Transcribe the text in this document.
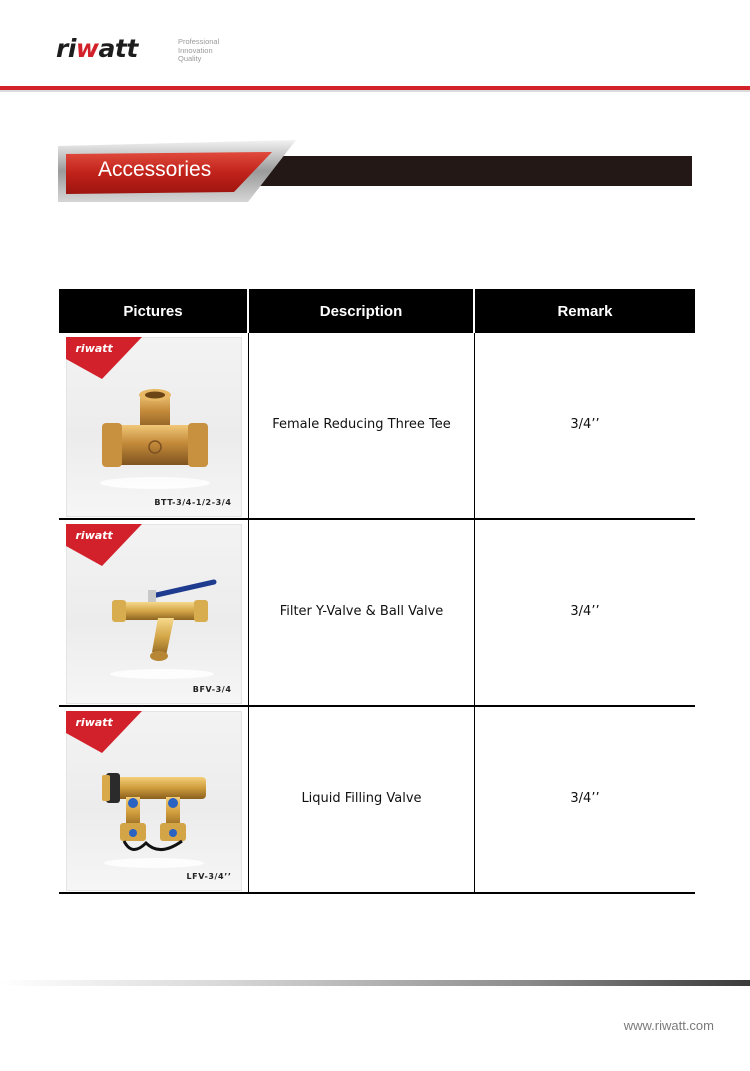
riwatt	Professional
Innovation
Quality
Accessories
Pictures	Description	Remark
riwatt
BTT-3/4-1/2-3/4
Female Reducing Three Tee	3/4’’
riwatt
BFV-3/4
Filter Y-Valve & Ball Valve	3/4’’
riwatt
LFV-3/4’’
Liquid Filling Valve	3/4’’
www.riwatt.com
